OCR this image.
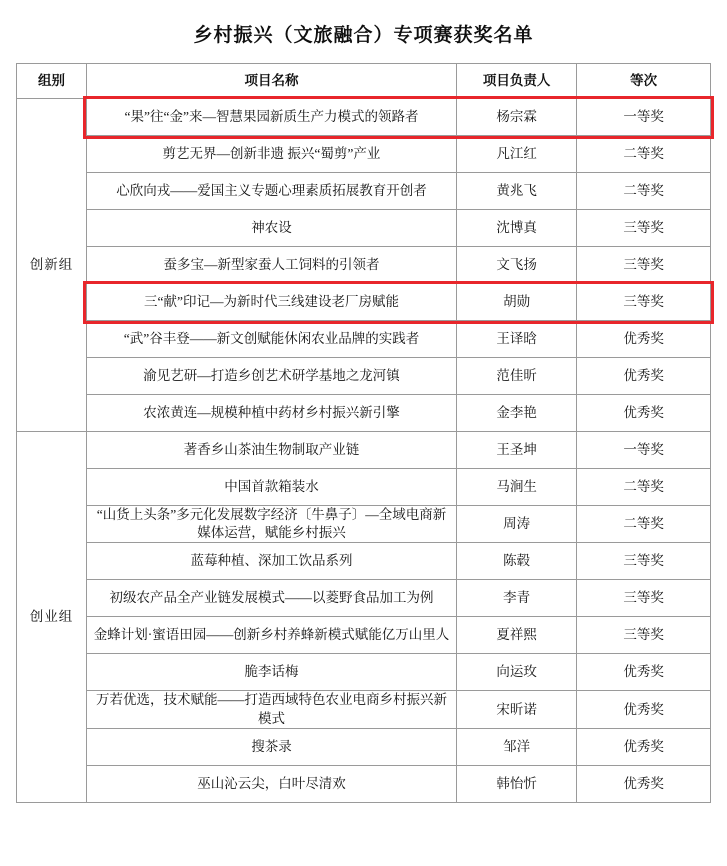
乡村振兴（文旅融合）专项赛获奖名单
组别	项目名称	项目负责人	等次
创新组	“果”往“金”来—智慧果园新质生产力模式的领路者	杨宗霖	一等奖
	剪艺无界—创新非遗 振兴“蜀剪”产业	凡江红	二等奖
	心欣向戎——爱国主义专题心理素质拓展教育开创者	黄兆飞	二等奖
	神农设	沈博真	三等奖
	蚕多宝—新型家蚕人工饲料的引领者	文飞扬	三等奖
	三“献”印记—为新时代三线建设老厂房赋能	胡勋	三等奖
	“武”谷丰登——新文创赋能休闲农业品牌的实践者	王译晗	优秀奖
	渝见艺研—打造乡创艺术研学基地之龙河镇	范佳昕	优秀奖
	农浓黄连—规模种植中药材乡村振兴新引擎	金李艳	优秀奖
创业组	著香乡山茶油生物制取产业链	王圣坤	一等奖
	中国首款箱装水	马涧生	二等奖
	“山货上头条”多元化发展数字经济〔牛鼻子〕—全域电商新媒体运营，赋能乡村振兴	周涛	二等奖
	蓝莓种植、深加工饮品系列	陈毂	三等奖
	初级农产品全产业链发展模式——以菱野食品加工为例	李青	三等奖
	金蜂计划·蜜语田园——创新乡村养蜂新模式赋能亿万山里人	夏祥熙	三等奖
	脆李话梅	向运玫	优秀奖
	万若优选，技术赋能——打造西域特色农业电商乡村振兴新模式	宋昕诺	优秀奖
	搜茶录	邹洋	优秀奖
	巫山沁云尖，白叶尽清欢	韩怡忻	优秀奖
